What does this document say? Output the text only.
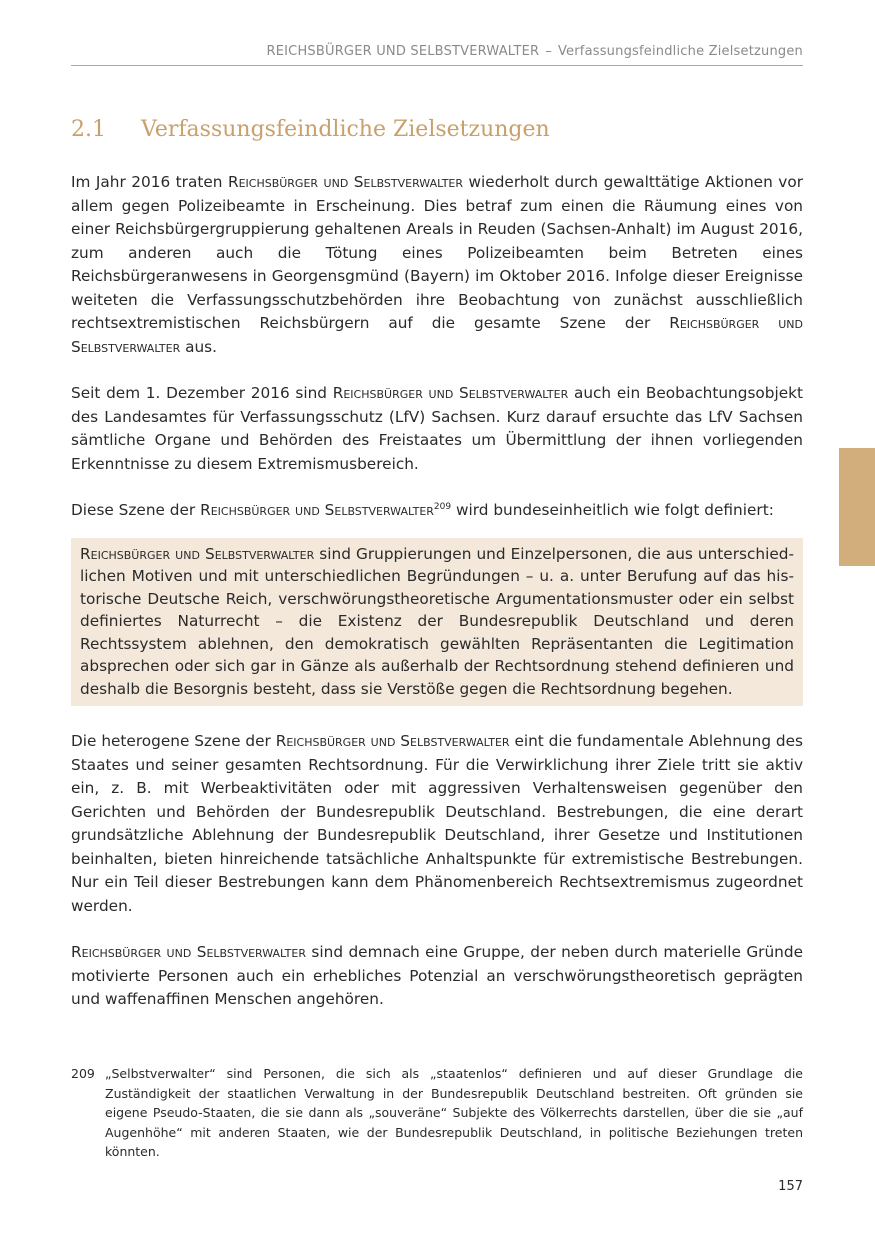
REICHSBÜRGER UND SELBSTVERWALTER – Verfassungsfeindliche Zielsetzungen
2.1 Verfassungsfeindliche Zielsetzungen

Im Jahr 2016 traten Reichsbürger und Selbstverwalter wiederholt durch gewalttätige Aktionen vor allem gegen Polizeibeamte in Erscheinung. Dies betraf zum einen die Räumung eines von einer Reichsbürgergruppierung gehaltenen Areals in Reuden (Sachsen-Anhalt) im August 2016, zum anderen auch die Tötung eines Polizeibeamten beim Betreten eines Reichsbürgeranwesens in Georgensgmünd (Bayern) im Oktober 2016. Infolge dieser Ereignisse weiteten die Verfassungsschutzbehörden ihre Beobachtung von zunächst ausschließlich rechtsextremistischen Reichsbürgern auf die gesamte Szene der Reichsbürger und Selbstverwalter aus.

Seit dem 1. Dezember 2016 sind Reichsbürger und Selbstverwalter auch ein Beobachtungsobjekt des Landesamtes für Verfassungsschutz (LfV) Sachsen. Kurz darauf ersuchte das LfV Sachsen sämtliche Organe und Behörden des Freistaates um Übermittlung der ihnen vorliegenden Erkenntnisse zu diesem Extremismusbereich.

Diese Szene der Reichsbürger und Selbstverwalter$^{209}$ wird bundeseinheitlich wie folgt definiert:

Reichsbürger und Selbstverwalter sind Gruppierungen und Einzelpersonen, die aus unterschiedlichen Motiven und mit unterschiedlichen Begründungen – u. a. unter Berufung auf das historische Deutsche Reich, verschwörungstheoretische Argumentationsmuster oder ein selbst definiertes Naturrecht – die Existenz der Bundesrepublik Deutschland und deren Rechtssystem ablehnen, den demokratisch gewählten Repräsentanten die Legitimation absprechen oder sich gar in Gänze als außerhalb der Rechtsordnung stehend definieren und deshalb die Besorgnis besteht, dass sie Verstöße gegen die Rechtsordnung begehen.

Die heterogene Szene der Reichsbürger und Selbstverwalter eint die fundamentale Ablehnung des Staates und seiner gesamten Rechtsordnung. Für die Verwirklichung ihrer Ziele tritt sie aktiv ein, z. B. mit Werbeaktivitäten oder mit aggressiven Verhaltensweisen gegenüber den Gerichten und Behörden der Bundesrepublik Deutschland. Bestrebungen, die eine derart grundsätzliche Ablehnung der Bundesrepublik Deutschland, ihrer Gesetze und Institutionen beinhalten, bieten hinreichende tatsächliche Anhaltspunkte für extremistische Bestrebungen. Nur ein Teil dieser Bestrebungen kann dem Phänomenbereich Rechtsextremismus zugeordnet werden.

Reichsbürger und Selbstverwalter sind demnach eine Gruppe, der neben durch materielle Gründe motivierte Personen auch ein erhebliches Potenzial an verschwörungstheoretisch geprägten und waffenaffinen Menschen angehören.

209 „Selbstverwalter“ sind Personen, die sich als „staatenlos“ definieren und auf dieser Grundlage die Zuständigkeit der staatlichen Verwaltung in der Bundesrepublik Deutschland bestreiten. Oft gründen sie eigene Pseudo-Staaten, die sie dann als „souveräne“ Subjekte des Völkerrechts darstellen, über die sie „auf Augenhöhe“ mit anderen Staaten, wie der Bundesrepublik Deutschland, in politische Beziehungen treten könnten.
157
